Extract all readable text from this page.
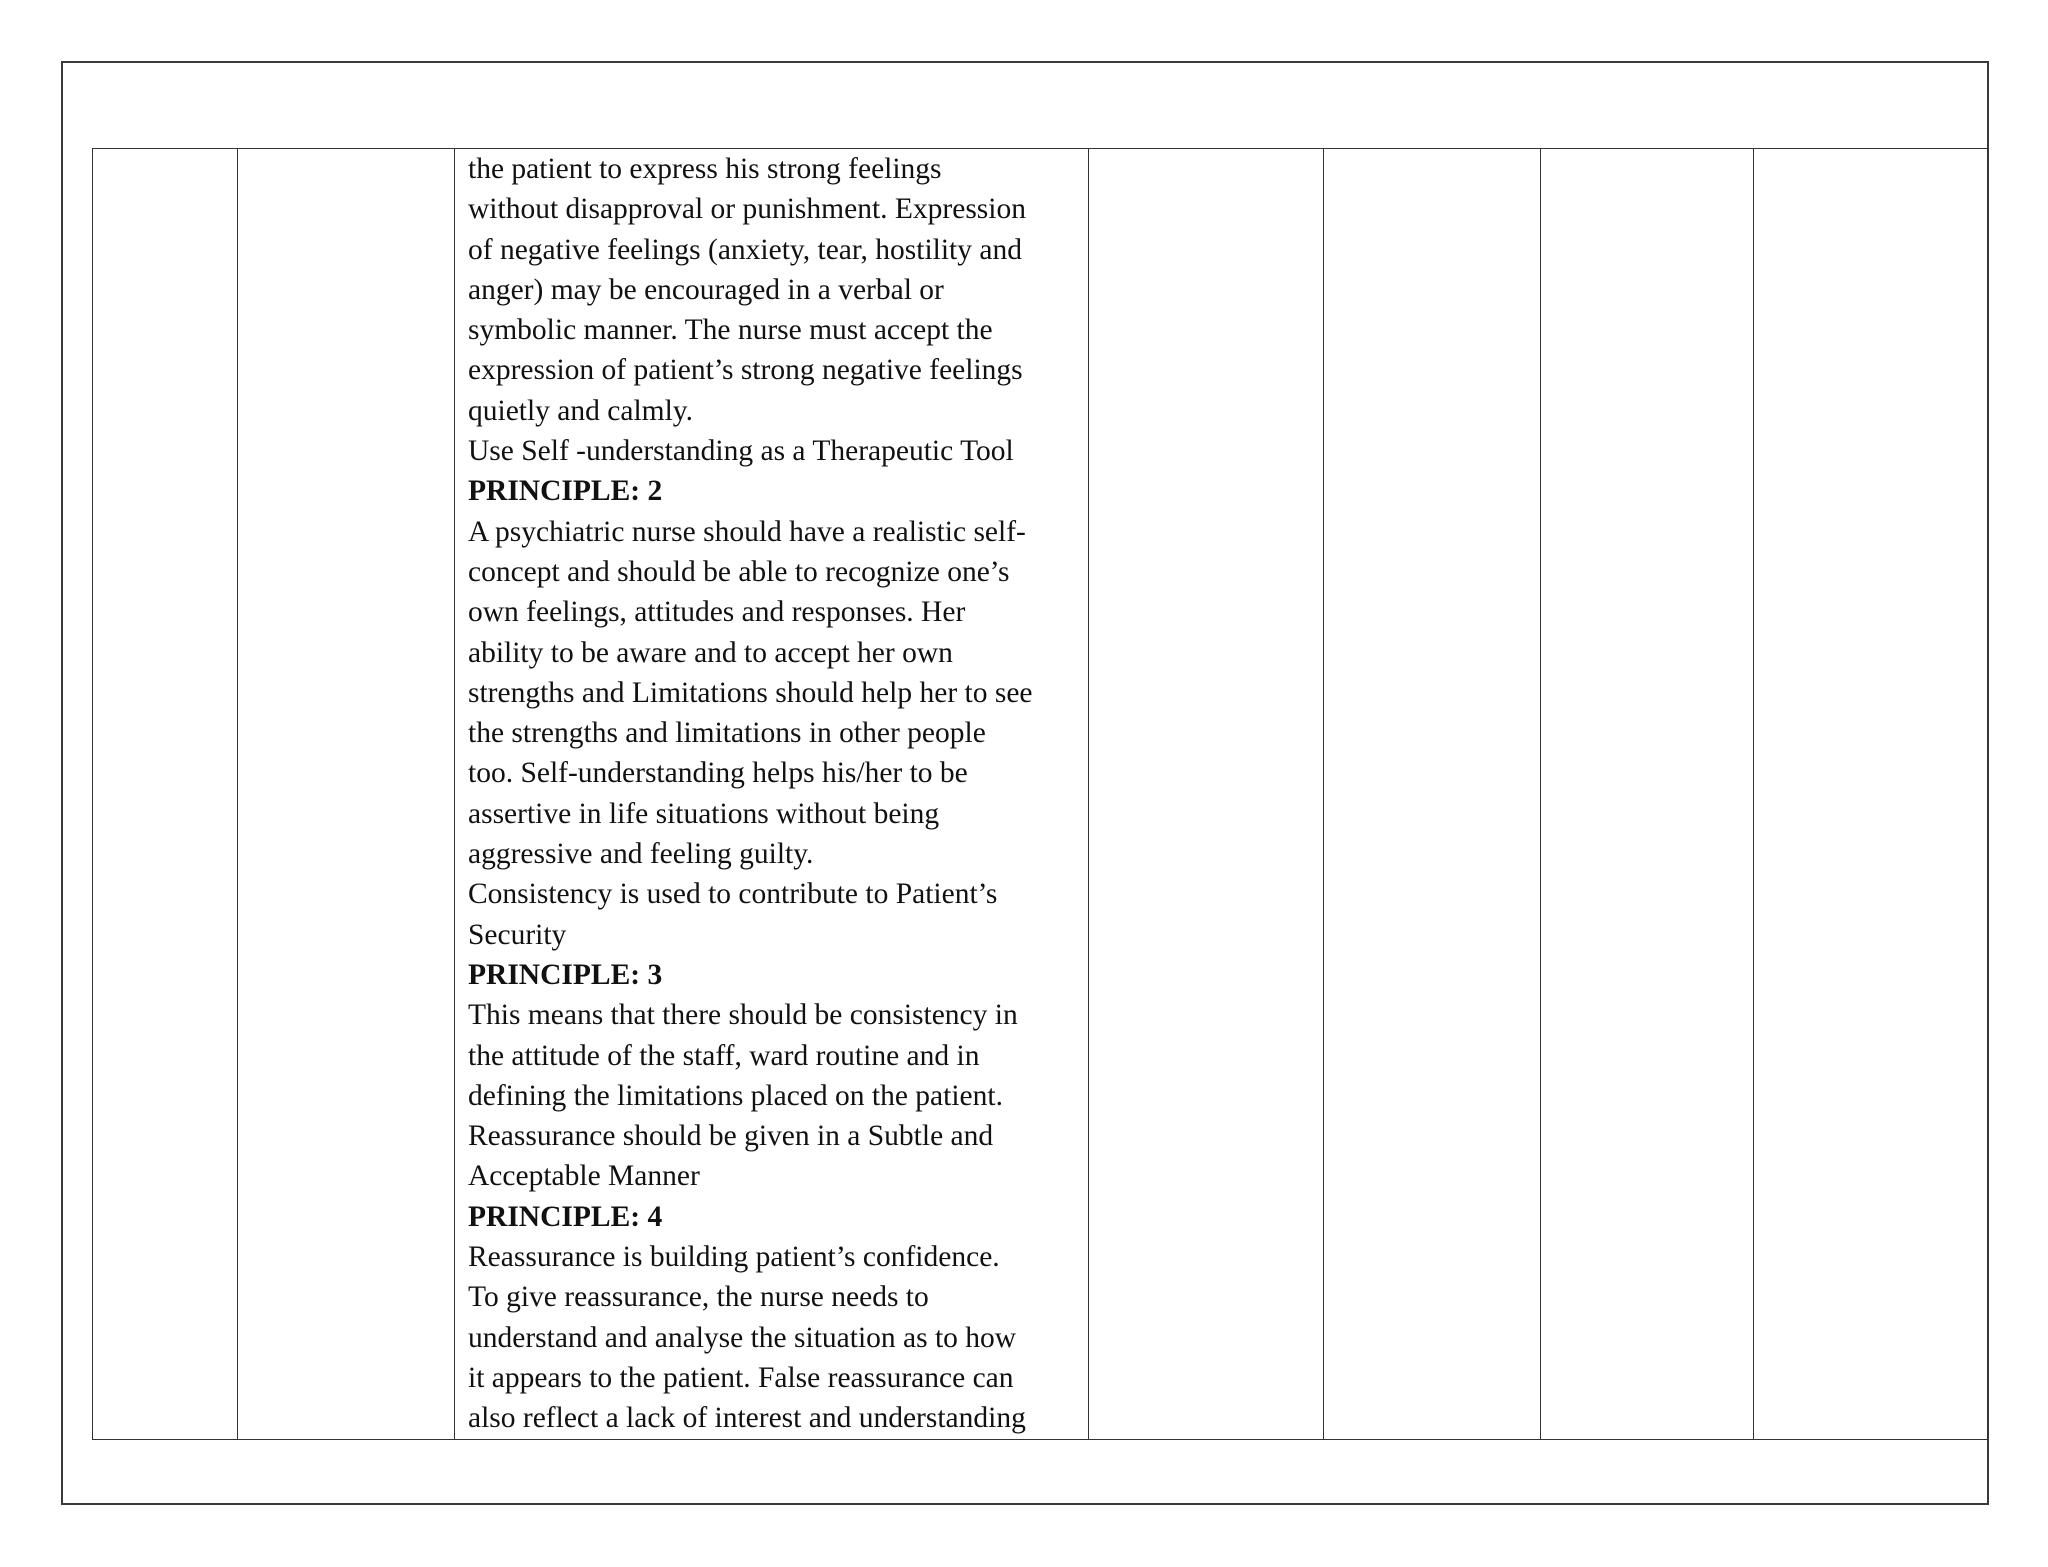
the patient to express his strong feelings

without disapproval or punishment. Expression

of negative feelings (anxiety, tear, hostility and

anger) may be encouraged in a verbal or

symbolic manner. The nurse must accept the

expression of patient’s strong negative feelings

quietly and calmly.

Use Self -understanding as a Therapeutic Tool

PRINCIPLE: 2

A psychiatric nurse should have a realistic self-

concept and should be able to recognize one’s

own feelings, attitudes and responses. Her

ability to be aware and to accept her own

strengths and Limitations should help her to see

the strengths and limitations in other people

too. Self-understanding helps his/her to be

assertive in life situations without being

aggressive and feeling guilty.

Consistency is used to contribute to Patient’s

Security

PRINCIPLE: 3

This means that there should be consistency in

the attitude of the staff, ward routine and in

defining the limitations placed on the patient.

Reassurance should be given in a Subtle and

Acceptable Manner

PRINCIPLE: 4

Reassurance is building patient’s confidence.

To give reassurance, the nurse needs to

understand and analyse the situation as to how

it appears to the patient. False reassurance can

also reflect a lack of interest and understanding
